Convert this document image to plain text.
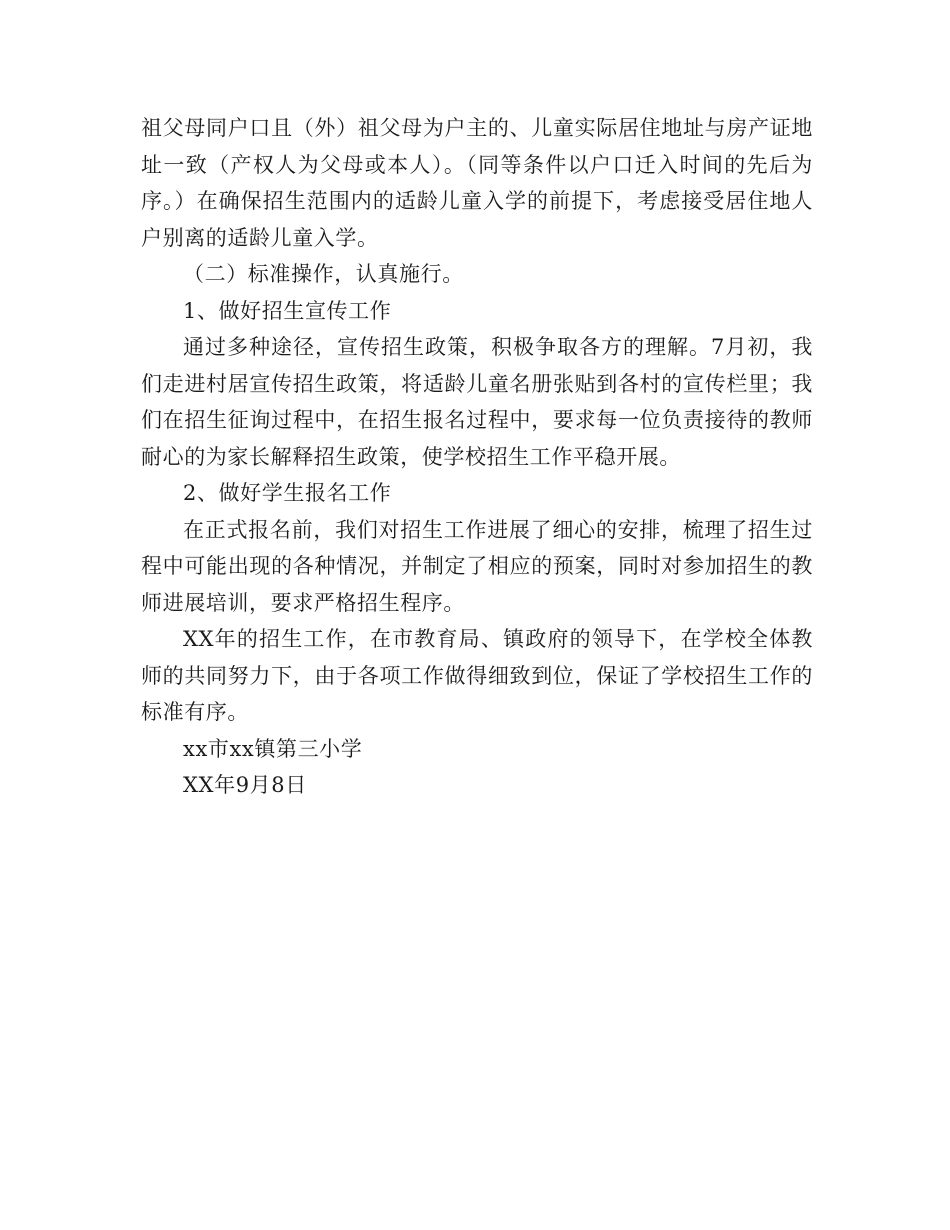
祖父母同户口且（外）祖父母为户主的、儿童实际居住地址与房产证地址一致（产权人为父母或本人）。（同等条件以户口迁入时间的先后为序。）在确保招生范围内的适龄儿童入学的前提下，考虑接受居住地人户别离的适龄儿童入学。

（二）标准操作，认真施行。

1、做好招生宣传工作

通过多种途径，宣传招生政策，积极争取各方的理解。7月初，我们走进村居宣传招生政策，将适龄儿童名册张贴到各村的宣传栏里；我们在招生征询过程中，在招生报名过程中，要求每一位负责接待的教师耐心的为家长解释招生政策，使学校招生工作平稳开展。

2、做好学生报名工作

在正式报名前，我们对招生工作进展了细心的安排，梳理了招生过程中可能出现的各种情况，并制定了相应的预案，同时对参加招生的教师进展培训，要求严格招生程序。

XX年的招生工作，在市教育局、镇政府的领导下，在学校全体教师的共同努力下，由于各项工作做得细致到位，保证了学校招生工作的标准有序。

xx市xx镇第三小学

XX年9月8日
